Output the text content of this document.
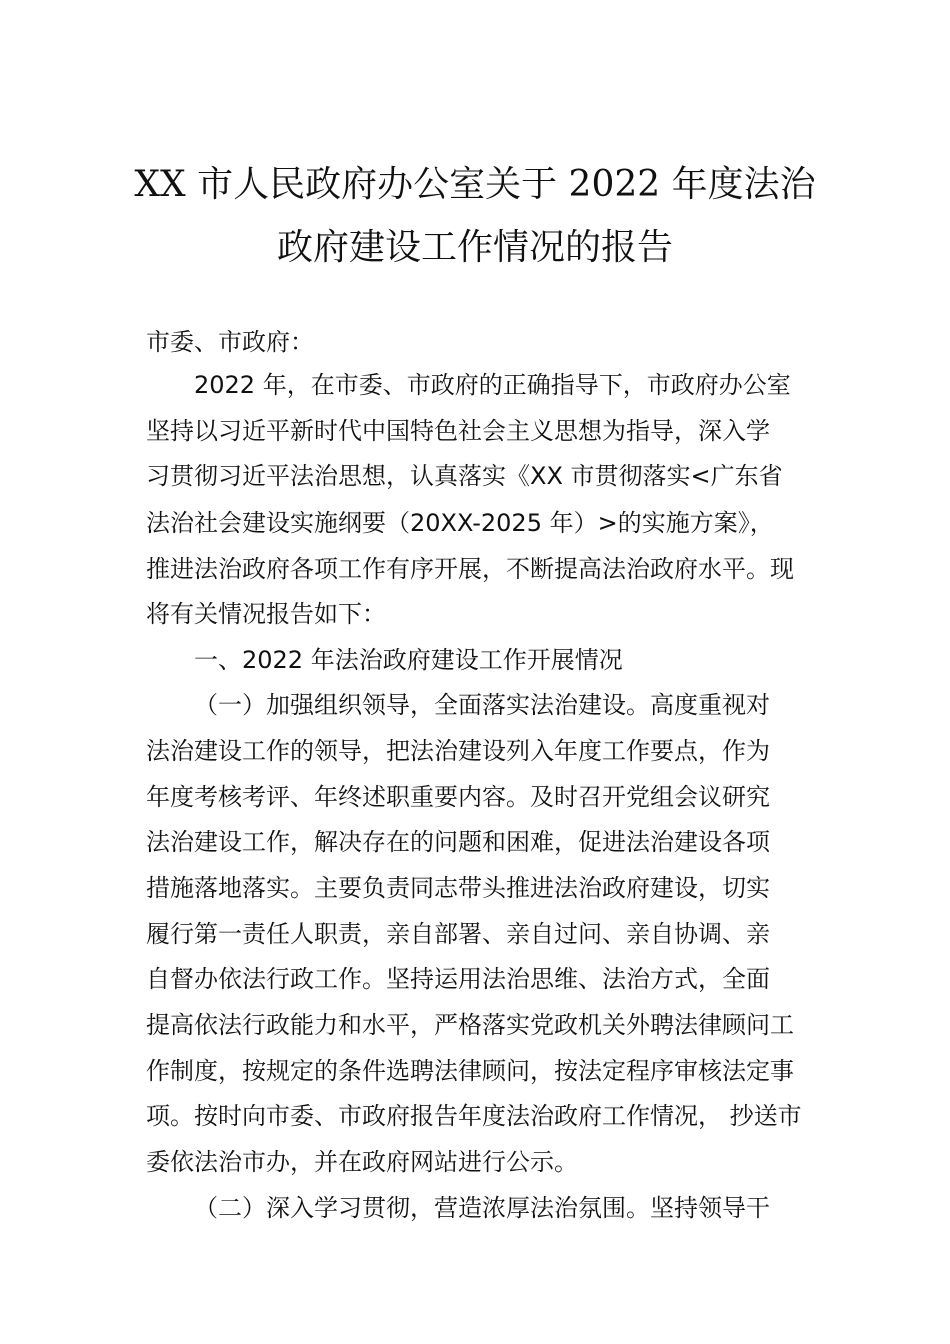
XX 市人民政府办公室关于 2022 年度法治
政府建设工作情况的报告
市委、市政府：
2022 年，在市委、市政府的正确指导下，市政府办公室
坚持以习近平新时代中国特色社会主义思想为指导，深入学
习贯彻习近平法治思想，认真落实《XX 市贯彻落实<广东省
法治社会建设实施纲要（20XX-2025 年）>的实施方案》，
推进法治政府各项工作有序开展，不断提高法治政府水平。现
将有关情况报告如下：
一、2022 年法治政府建设工作开展情况
（一）加强组织领导，全面落实法治建设。高度重视对
法治建设工作的领导，把法治建设列入年度工作要点，作为
年度考核考评、年终述职重要内容。及时召开党组会议研究
法治建设工作，解决存在的问题和困难，促进法治建设各项
措施落地落实。主要负责同志带头推进法治政府建设，切实
履行第一责任人职责，亲自部署、亲自过问、亲自协调、亲
自督办依法行政工作。坚持运用法治思维、法治方式，全面
提高依法行政能力和水平，严格落实党政机关外聘法律顾问工
作制度，按规定的条件选聘法律顾问，按法定程序审核法定事
项。按时向市委、市政府报告年度法治政府工作情况， 抄送市
委依法治市办，并在政府网站进行公示。
（二）深入学习贯彻，营造浓厚法治氛围。坚持领导干
